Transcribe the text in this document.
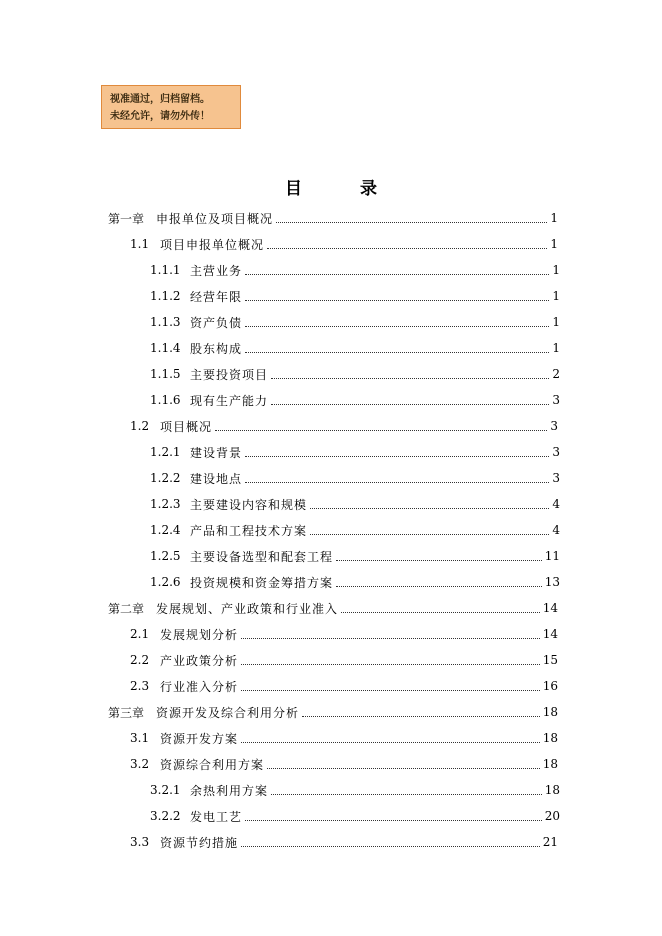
视准通过，归档留档。
未经允许，请勿外传！
目 录
第一章 申报单位及项目概况	1
1.1 项目申报单位概况	1
1.1.1 主营业务	1
1.1.2 经营年限	1
1.1.3 资产负债	1
1.1.4 股东构成	1
1.1.5 主要投资项目	2
1.1.6 现有生产能力	3
1.2 项目概况	3
1.2.1 建设背景	3
1.2.2 建设地点	3
1.2.3 主要建设内容和规模	4
1.2.4 产品和工程技术方案	4
1.2.5 主要设备选型和配套工程	11
1.2.6 投资规模和资金筹措方案	13
第二章 发展规划、产业政策和行业准入	14
2.1 发展规划分析	14
2.2 产业政策分析	15
2.3 行业准入分析	16
第三章 资源开发及综合利用分析	18
3.1 资源开发方案	18
3.2 资源综合利用方案	18
3.2.1 余热利用方案	18
3.2.2 发电工艺	20
3.3 资源节约措施	21
